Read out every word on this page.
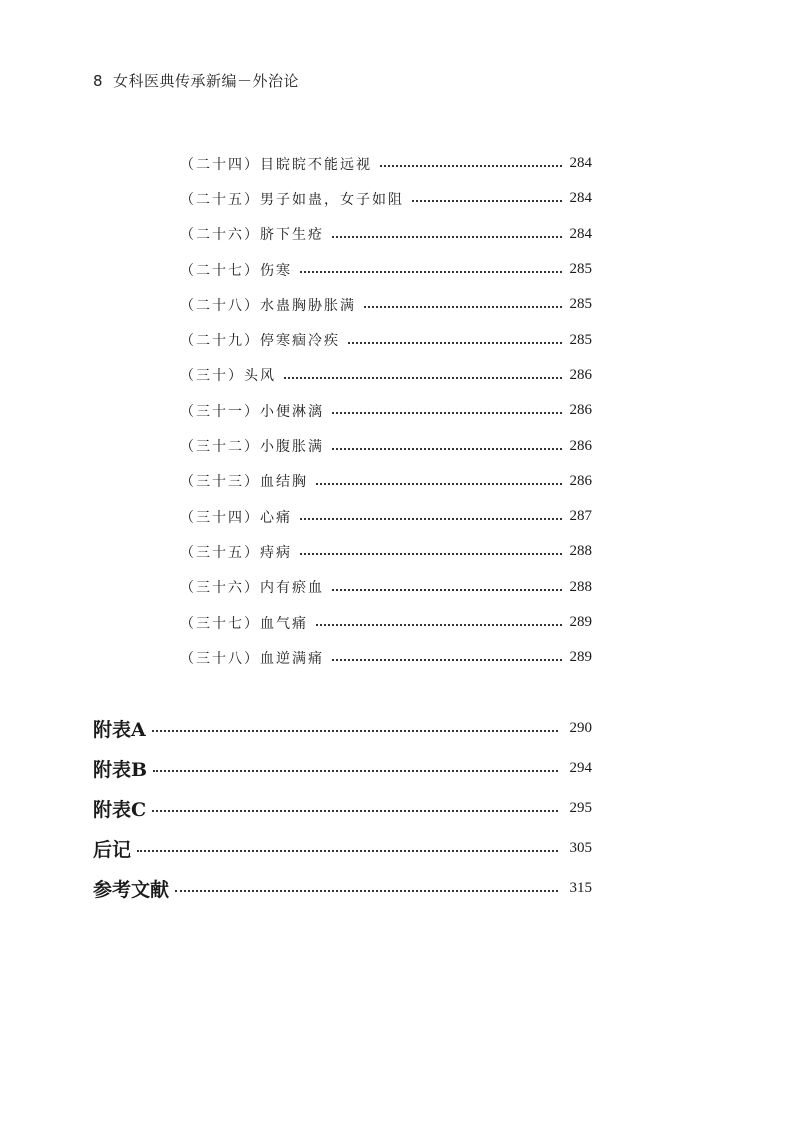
8 女科医典传承新编－外治论
（二十四）目睆睆不能远视	284
（二十五）男子如蛊，女子如阻	284
（二十六）脐下生疮	284
（二十七）伤寒	285
（二十八）水蛊胸胁胀满	285
（二十九）停寒痼冷疾	285
（三十）头风	286
（三十一）小便淋漓	286
（三十二）小腹胀满	286
（三十三）血结胸	286
（三十四）心痛	287
（三十五）痔病	288
（三十六）内有瘀血	288
（三十七）血气痛	289
（三十八）血逆满痛	289
附表A	290
附表B	294
附表C	295
后记	305
参考文献	315
